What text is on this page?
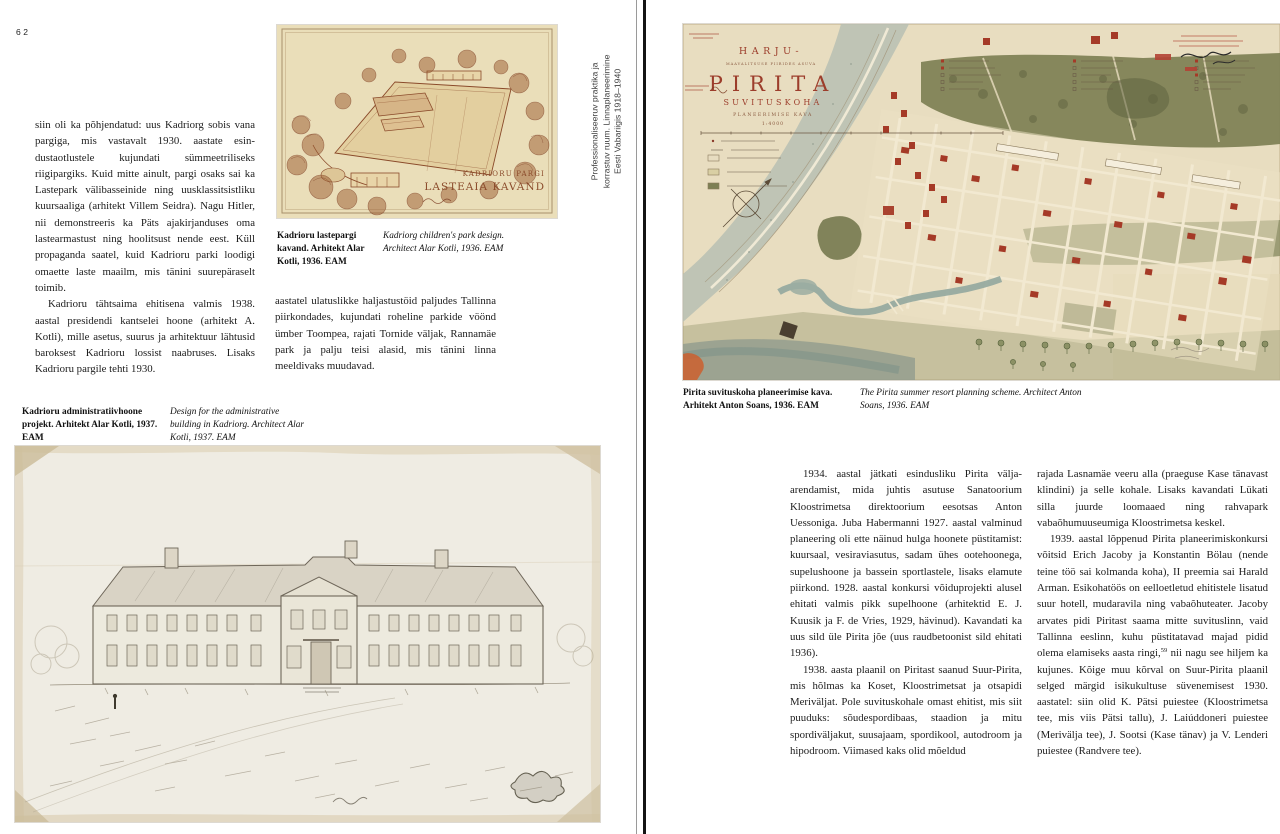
62

siin oli ka põhjendatud: uus Kadriorg sobis vana pargiga, mis vastavalt 1930. aastate esindustaotlustele kujundati sümmeetriliseks riigipargiks. Kuid mitte ainult, pargi osaks sai ka Lastepark välibasseinide ning uusklassitsistliku kuursaaliga (arhitekt Villem Seidra). Nagu Hitler, nii demonstreeris ka Päts ajakirjanduses oma lastearmastust ning hoolitsust nende eest. Küll propaganda saatel, kuid Kadrioru parki loodigi omaette laste maailm, mis tänini suurepäraselt toimib.

Kadrioru tähtsaima ehitisena valmis 1938. aastal presidendi kantselei hoone (arhitekt A. Kotli), mille asetus, suurus ja arhitektuur lähtusid baroksest Kadrioru lossist naabruses. Lisaks Kadrioru pargile tehti 1930.

Kadrioru administratiivhoone projekt. Arhitekt Alar Kotli, 1937. EAM
Design for the administrative building in Kadriorg. Architect Alar Kotli, 1937. EAM
KADRIORU PARGI
LASTEAIA KAVAND
Kadrioru lastepargi kavand. Arhitekt Alar Kotli, 1936. EAM
Kadriorg children's park design. Architect Alar Kotli, 1936. EAM

aastatel ulatuslikke haljastustöid paljudes Tallinna piirkondades, kujundati roheline parkide vöönd ümber Toompea, rajati Tornide väljak, Rannamäe park ja palju teisi alasid, mis tänini linna meeldivaks muudavad.

Professionaliseeruv praktika ja korrastuv ruum. Linnaplaneerimine Eesti Vabariigis 1918–1940
HARJU-
MAAVALITSUSE PIIRIDES ASUVA
PIRITA
SUVITUSKOHA
PLANEERIMISE KAVA
1:4000
Pirita suvituskoha planeerimise kava. Arhitekt Anton Soans, 1936. EAM
The Pirita summer resort planning scheme. Architect Anton Soans, 1936. EAM

1934. aastal jätkati esindusliku Pirita väljaarendamist, mida juhtis asutuse Sanatoorium Kloostrimetsa direktoorium eesotsas Anton Uessoniga. Juba Habermanni 1927. aastal valminud planeering oli ette näinud hulga hoonete püstitamist: kuursaal, vesiraviasutus, sadam ühes ootehoonega, supelushoone ja bassein sportlastele, lisaks elamute piirkond. 1928. aastal konkursi võiduprojekti alusel ehitati valmis pikk supelhoone (arhitektid E. J. Kuusik ja F. de Vries, 1929, hävinud). Kavandati ka uus sild üle Pirita jõe (uus raudbetoonist sild ehitati 1936).

1938. aasta plaanil on Piritast saanud Suur-Pirita, mis hõlmas ka Koset, Kloostrimetsat ja otsapidi Meriväljat. Pole suvituskohale omast ehitist, mis siit puuduks: sõudespordibaas, staadion ja mitu spordiväljakut, suusajaam, spordikool, autodroom ja hipodroom. Viimased kaks olid mõeldud

rajada Lasnamäe veeru alla (praeguse Kase tänavast klindini) ja selle kohale. Lisaks kavandati Lükati silla juurde loomaaed ning rahvapark vabaõhumuuseumiga Kloostrimetsa keskel.

1939. aastal lõppenud Pirita planeerimiskonkursi võitsid Erich Jacoby ja Konstantin Bölau (nende teine töö sai kolmanda koha), II preemia sai Harald Arman. Esikohatöös on eelloetletud ehitistele lisatud suur hotell, mudaravila ning vabaõhuteater. Jacoby arvates pidi Piritast saama mitte suvituslinn, vaid Tallinna eeslinn, kuhu püstitatavad majad pidid olema elamiseks aasta ringi,$^{59}$ nii nagu see hiljem ka kujunes. Kõige muu kõrval on Suur-Pirita plaanil selged märgid isikukultuse süvenemisest 1930. aastatel: siin olid K. Pätsi puiestee (Kloostrimetsa tee, mis viis Pätsi tallu), J. Laiúddoneri puiestee (Merivälja tee), J. Sootsi (Kase tänav) ja V. Lenderi puiestee (Randvere tee).
